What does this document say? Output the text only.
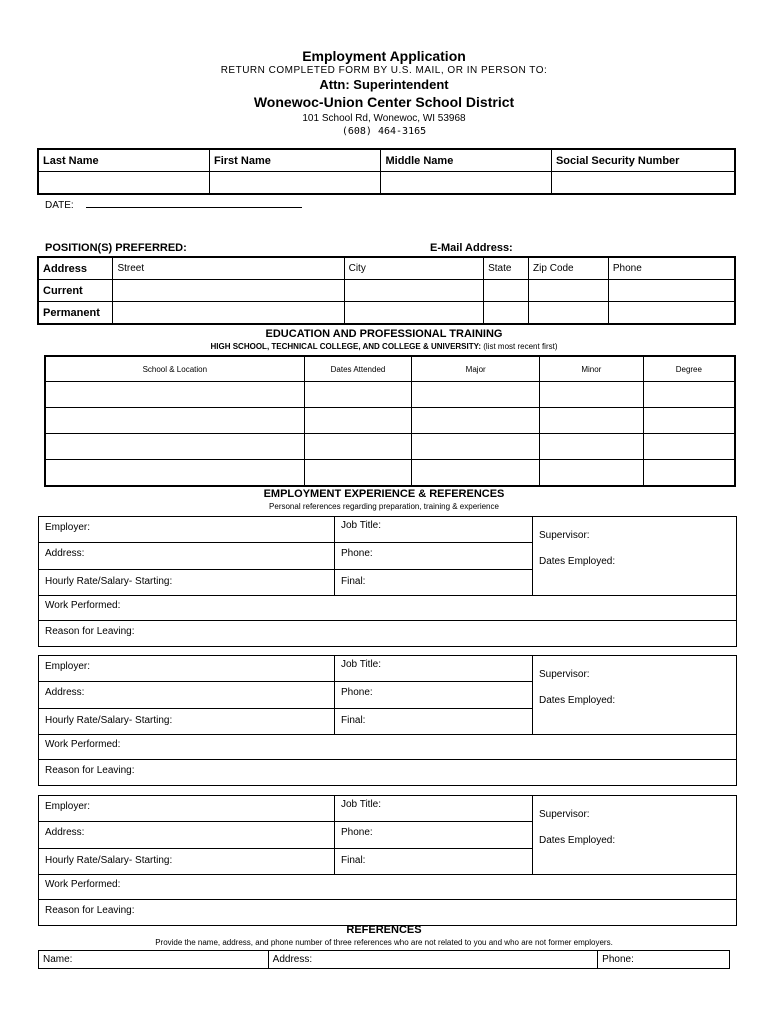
Employment Application
RETURN COMPLETED FORM BY U.S. MAIL, OR IN PERSON TO:
Attn: Superintendent
Wonewoc-Union Center School District
101 School Rd, Wonewoc, WI 53968
(608) 464-3165
Last Name	First Name	Middle Name	Social Security Number

DATE:
POSITION(S) PREFERRED:	E-Mail Address:
Address	Street	City	State	Zip Code	Phone
Current					
Permanent					
EDUCATION AND PROFESSIONAL TRAINING
HIGH SCHOOL, TECHNICAL COLLEGE, AND COLLEGE & UNIVERSITY: (list most recent first)
School & Location	Dates Attended	Major	Minor	Degree

EMPLOYMENT EXPERIENCE & REFERENCES
Personal references regarding preparation, training & experience
Employer:	Job Title:
Supervisor:
Address:	Phone:
Dates Employed:
Hourly Rate/Salary- Starting:	Final:
Work Performed:
Reason for Leaving:
Employer:	Job Title:
Supervisor:
Address:	Phone:
Dates Employed:
Hourly Rate/Salary- Starting:	Final:
Work Performed:
Reason for Leaving:
Employer:	Job Title:
Supervisor:
Address:	Phone:
Dates Employed:
Hourly Rate/Salary- Starting:	Final:
Work Performed:
Reason for Leaving:
REFERENCES
Provide the name, address, and phone number of three references who are not related to you and who are not former employers.
Name:	Address:	Phone:
